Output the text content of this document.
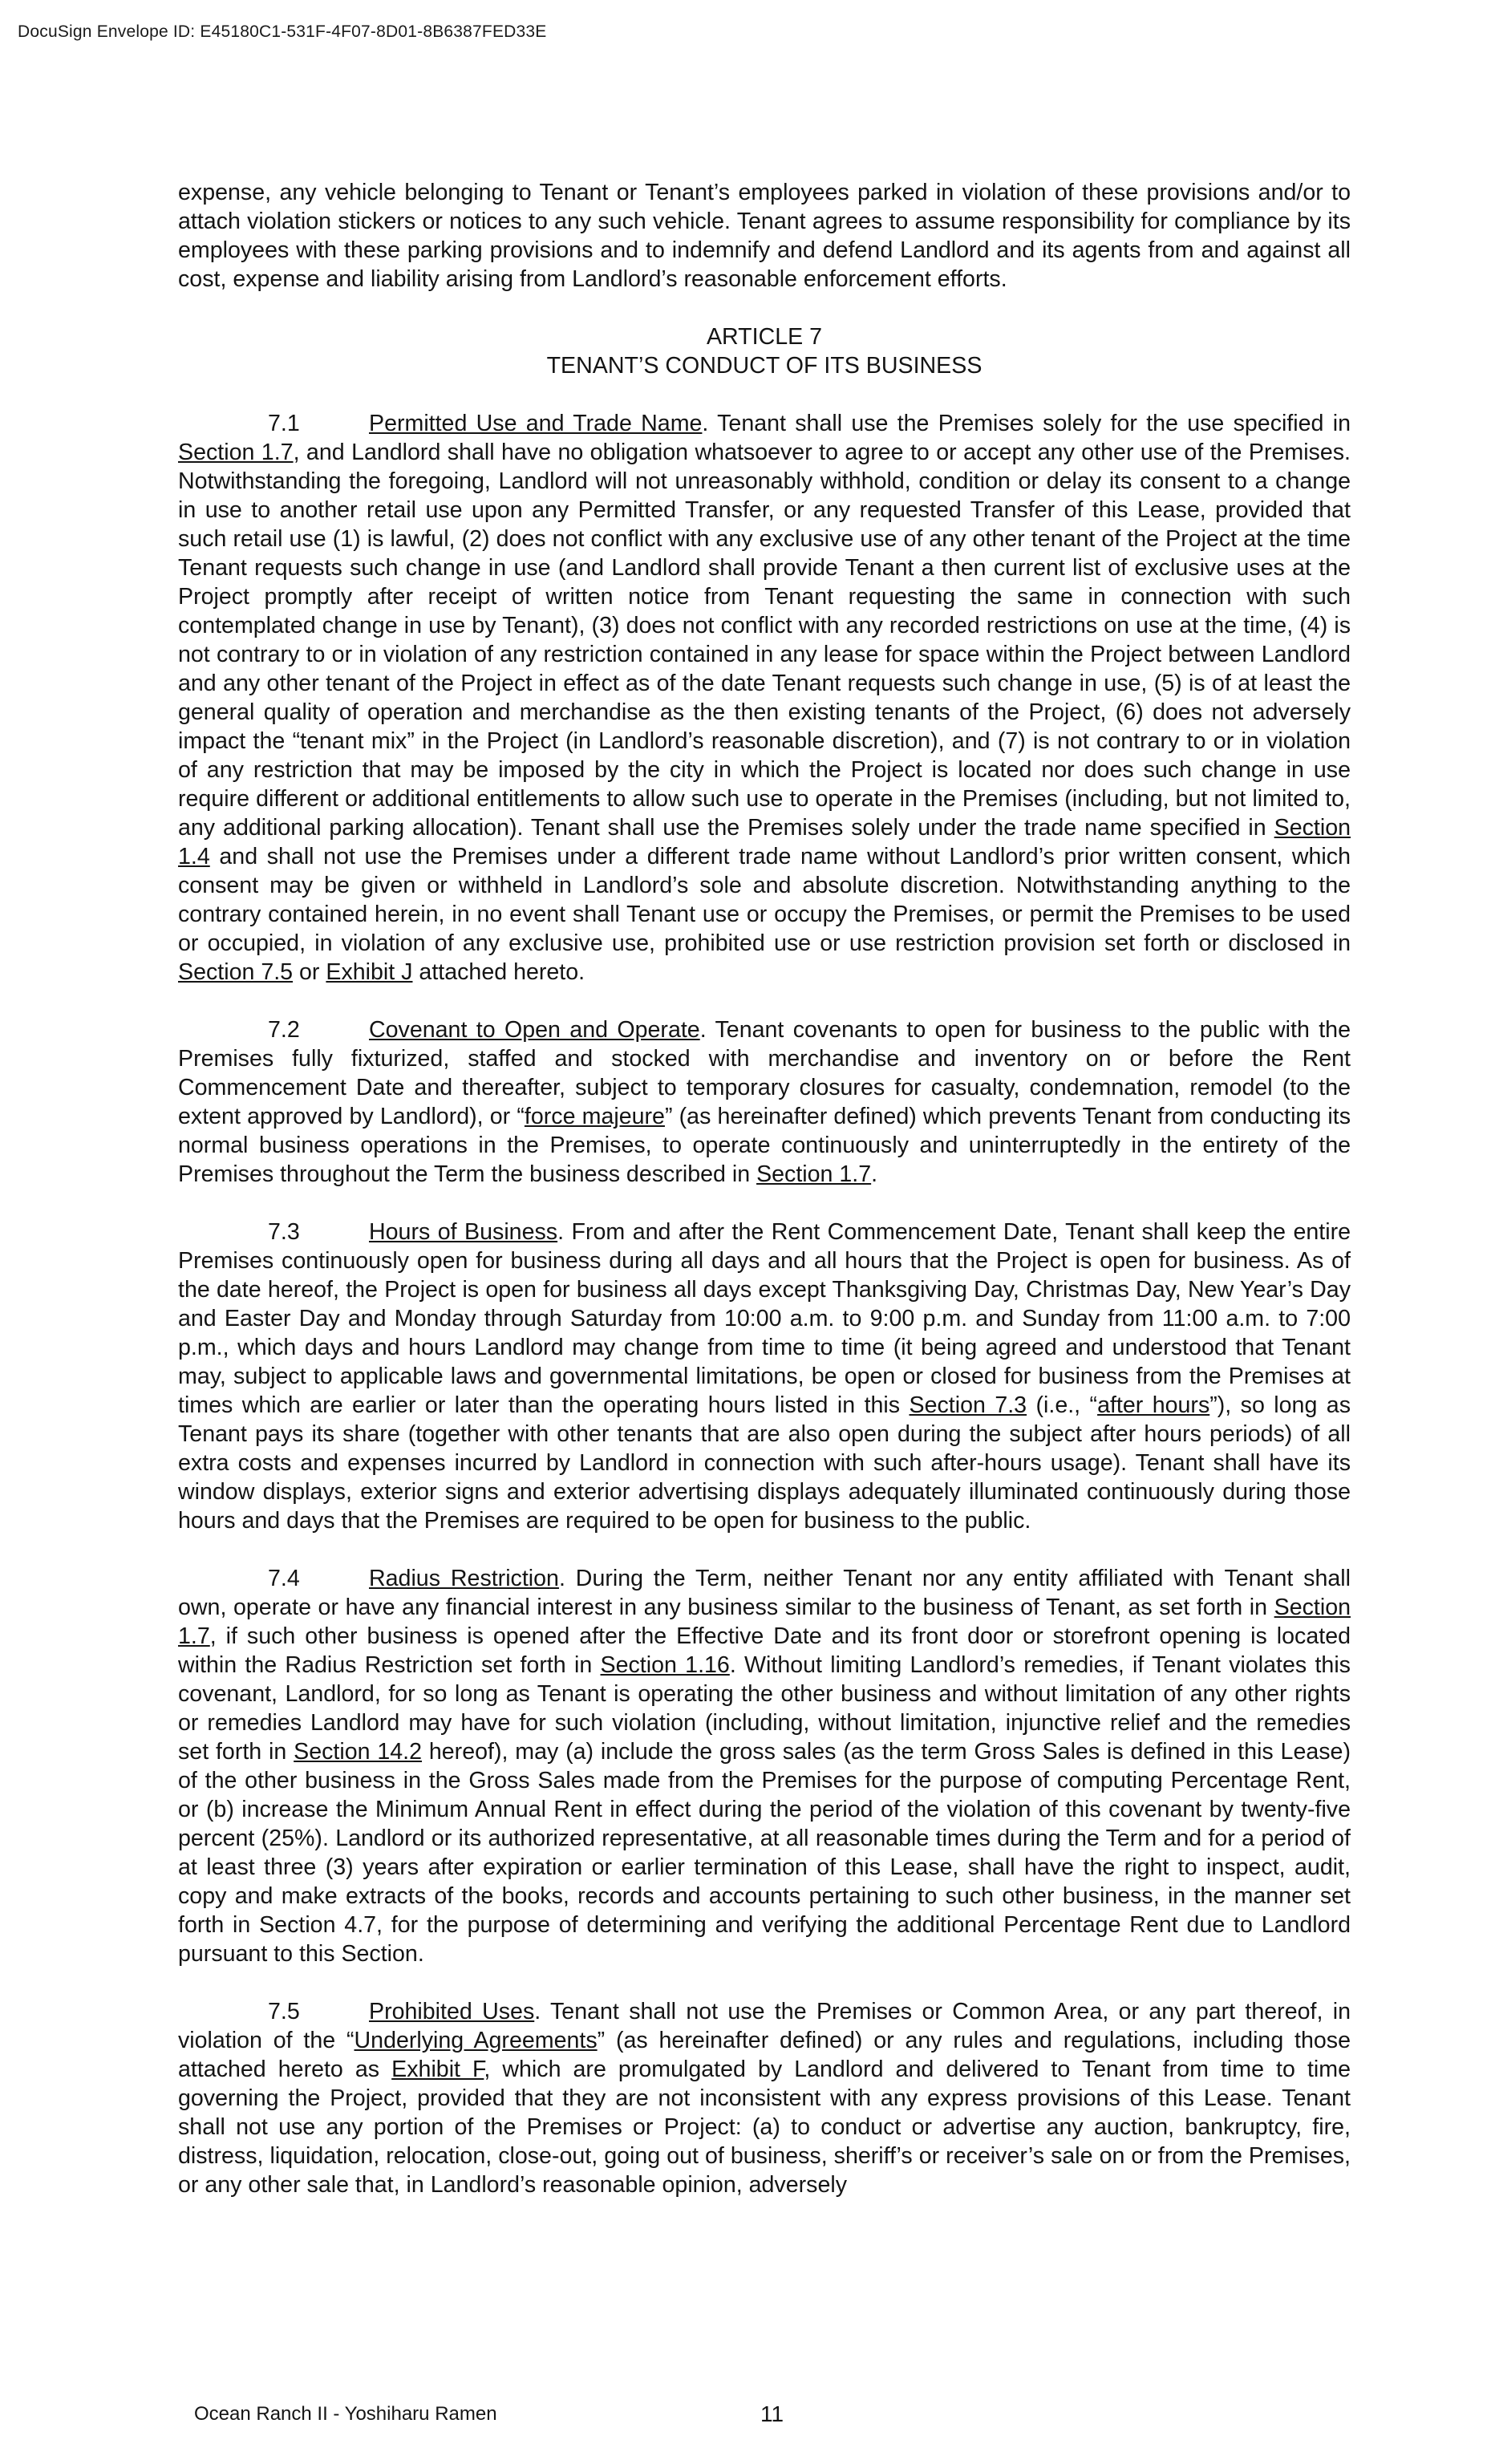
DocuSign Envelope ID: E45180C1-531F-4F07-8D01-8B6387FED33E

expense, any vehicle belonging to Tenant or Tenant’s employees parked in violation of these provisions and/or to attach violation stickers or notices to any such vehicle. Tenant agrees to assume responsibility for compliance by its employees with these parking provisions and to indemnify and defend Landlord and its agents from and against all cost, expense and liability arising from Landlord’s reasonable enforcement efforts.

ARTICLE 7
TENANT’S CONDUCT OF ITS BUSINESS

7.1	Permitted Use and Trade Name. Tenant shall use the Premises solely for the use specified in Section 1.7, and Landlord shall have no obligation whatsoever to agree to or accept any other use of the Premises. Notwithstanding the foregoing, Landlord will not unreasonably withhold, condition or delay its consent to a change in use to another retail use upon any Permitted Transfer, or any requested Transfer of this Lease, provided that such retail use (1) is lawful, (2) does not conflict with any exclusive use of any other tenant of the Project at the time Tenant requests such change in use (and Landlord shall provide Tenant a then current list of exclusive uses at the Project promptly after receipt of written notice from Tenant requesting the same in connection with such contemplated change in use by Tenant), (3) does not conflict with any recorded restrictions on use at the time, (4) is not contrary to or in violation of any restriction contained in any lease for space within the Project between Landlord and any other tenant of the Project in effect as of the date Tenant requests such change in use, (5) is of at least the general quality of operation and merchandise as the then existing tenants of the Project, (6) does not adversely impact the “tenant mix” in the Project (in Landlord’s reasonable discretion), and (7) is not contrary to or in violation of any restriction that may be imposed by the city in which the Project is located nor does such change in use require different or additional entitlements to allow such use to operate in the Premises (including, but not limited to, any additional parking allocation). Tenant shall use the Premises solely under the trade name specified in Section 1.4 and shall not use the Premises under a different trade name without Landlord’s prior written consent, which consent may be given or withheld in Landlord’s sole and absolute discretion. Notwithstanding anything to the contrary contained herein, in no event shall Tenant use or occupy the Premises, or permit the Premises to be used or occupied, in violation of any exclusive use, prohibited use or use restriction provision set forth or disclosed in Section 7.5 or Exhibit J attached hereto.

7.2	Covenant to Open and Operate. Tenant covenants to open for business to the public with the Premises fully fixturized, staffed and stocked with merchandise and inventory on or before the Rent Commencement Date and thereafter, subject to temporary closures for casualty, condemnation, remodel (to the extent approved by Landlord), or “force majeure” (as hereinafter defined) which prevents Tenant from conducting its normal business operations in the Premises, to operate continuously and uninterruptedly in the entirety of the Premises throughout the Term the business described in Section 1.7.

7.3	Hours of Business. From and after the Rent Commencement Date, Tenant shall keep the entire Premises continuously open for business during all days and all hours that the Project is open for business. As of the date hereof, the Project is open for business all days except Thanksgiving Day, Christmas Day, New Year’s Day and Easter Day and Monday through Saturday from 10:00 a.m. to 9:00 p.m. and Sunday from 11:00 a.m. to 7:00 p.m., which days and hours Landlord may change from time to time (it being agreed and understood that Tenant may, subject to applicable laws and governmental limitations, be open or closed for business from the Premises at times which are earlier or later than the operating hours listed in this Section 7.3 (i.e., “after hours”), so long as Tenant pays its share (together with other tenants that are also open during the subject after hours periods) of all extra costs and expenses incurred by Landlord in connection with such after-hours usage). Tenant shall have its window displays, exterior signs and exterior advertising displays adequately illuminated continuously during those hours and days that the Premises are required to be open for business to the public.

7.4	Radius Restriction. During the Term, neither Tenant nor any entity affiliated with Tenant shall own, operate or have any financial interest in any business similar to the business of Tenant, as set forth in Section 1.7, if such other business is opened after the Effective Date and its front door or storefront opening is located within the Radius Restriction set forth in Section 1.16. Without limiting Landlord’s remedies, if Tenant violates this covenant, Landlord, for so long as Tenant is operating the other business and without limitation of any other rights or remedies Landlord may have for such violation (including, without limitation, injunctive relief and the remedies set forth in Section 14.2 hereof), may (a) include the gross sales (as the term Gross Sales is defined in this Lease) of the other business in the Gross Sales made from the Premises for the purpose of computing Percentage Rent, or (b) increase the Minimum Annual Rent in effect during the period of the violation of this covenant by twenty-five percent (25%). Landlord or its authorized representative, at all reasonable times during the Term and for a period of at least three (3) years after expiration or earlier termination of this Lease, shall have the right to inspect, audit, copy and make extracts of the books, records and accounts pertaining to such other business, in the manner set forth in Section 4.7, for the purpose of determining and verifying the additional Percentage Rent due to Landlord pursuant to this Section.

7.5	Prohibited Uses. Tenant shall not use the Premises or Common Area, or any part thereof, in violation of the “Underlying Agreements” (as hereinafter defined) or any rules and regulations, including those attached hereto as Exhibit F, which are promulgated by Landlord and delivered to Tenant from time to time governing the Project, provided that they are not inconsistent with any express provisions of this Lease. Tenant shall not use any portion of the Premises or Project: (a) to conduct or advertise any auction, bankruptcy, fire, distress, liquidation, relocation, close-out, going out of business, sheriff’s or receiver’s sale on or from the Premises, or any other sale that, in Landlord’s reasonable opinion, adversely

Ocean Ranch II - Yoshiharu Ramen	11
